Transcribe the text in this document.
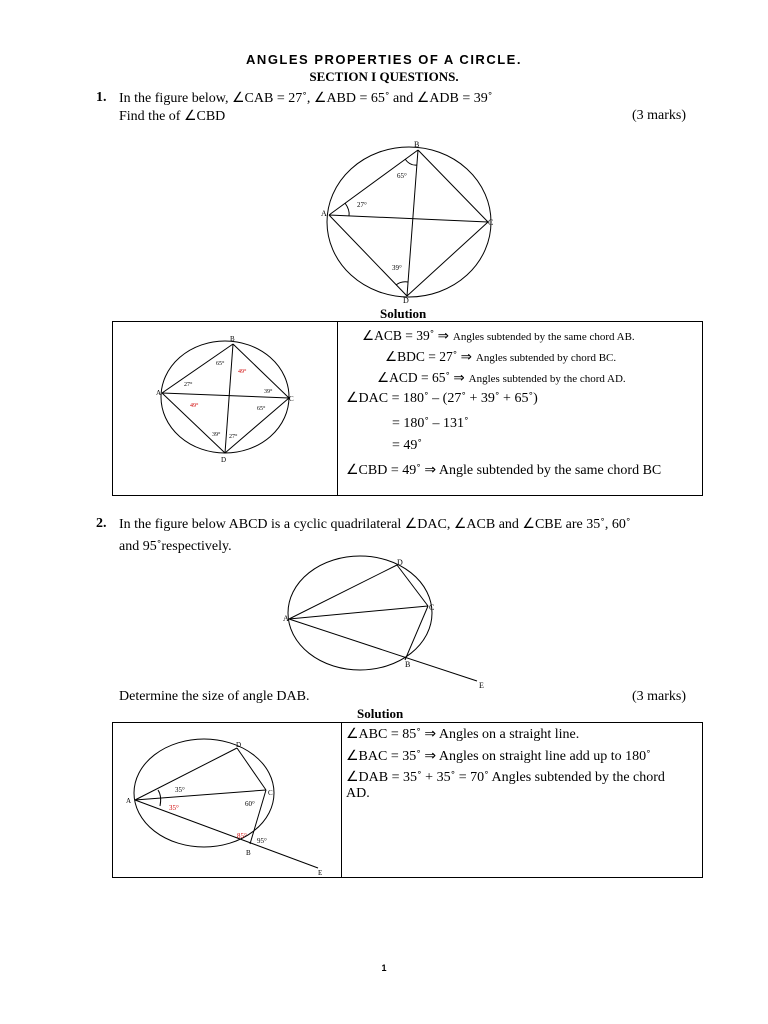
ANGLES PROPERTIES OF A CIRCLE.
SECTION I QUESTIONS.
1. In the figure below, ∠CAB = 27˚, ∠ABD = 65˚ and ∠ADB = 39˚
Find the of ∠CBD	(3 marks)
B
A
C
D
27°
65°
39°
Solution
B
A
C
D
65°
49°
27°
49°
39°
65°
39° 27°
∠ACB = 39˚ ⇒ Angles subtended by the same chord AB.
∠BDC = 27˚ ⇒ Angles subtended by chord BC.
∠ACD = 65˚ ⇒ Angles subtended by the chord AD.
∠DAC = 180˚ – (27˚ + 39˚ + 65˚)
= 180˚ – 131˚
= 49˚
∠CBD = 49˚ ⇒ Angle subtended by the same chord BC
2. In the figure below ABCD is a cyclic quadrilateral ∠DAC, ∠ACB and ∠CBE are 35˚, 60˚
and 95˚respectively.
D
A
C
B
E
Determine the size of angle DAB.	(3 marks)
Solution
D
A
C
B
E
35°
35°	60°
85°
95°
∠ABC = 85˚ ⇒ Angles on a straight line.
∠BAC = 35˚ ⇒ Angles on straight line add up to 180˚
∠DAB = 35˚ + 35˚ = 70˚ Angles subtended by the chord
AD.
1
